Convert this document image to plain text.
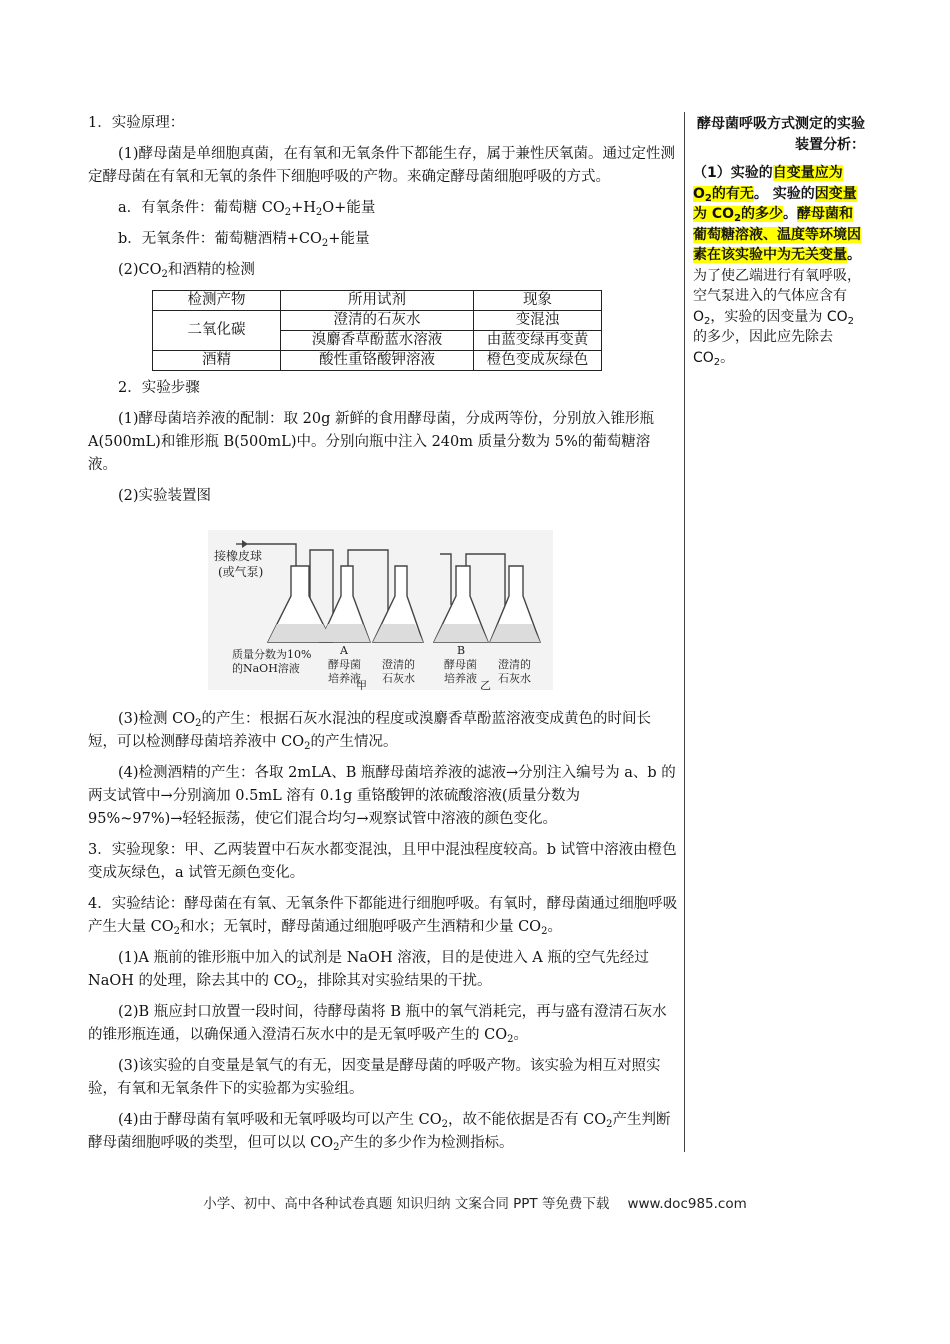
1．实验原理：

(1)酵母菌是单细胞真菌，在有氧和无氧条件下都能生存，属于兼性厌氧菌。通过定性测定酵母菌在有氧和无氧的条件下细胞呼吸的产物。来确定酵母菌细胞呼吸的方式。

a．有氧条件：葡萄糖 $CO_2+H_2O+$能量

b．无氧条件：葡萄糖酒精$+CO_2+$能量

$(2)CO_2$和酒精的检测

检测产物	所用试剂	现象
二氧化碳	澄清的石灰水	变混浊
	溴麝香草酚蓝水溶液	由蓝变绿再变黄
酒精	酸性重铬酸钾溶液	橙色变成灰绿色

2．实验步骤

(1)酵母菌培养液的配制：取 20g 新鲜的食用酵母菌，分成两等份，分别放入锥形瓶 A(500mL)和锥形瓶 B(500mL)中。分别向瓶中注入 240m 质量分数为 5%的葡萄糖溶液。

(2)实验装置图

接橡皮球
(或气泵)
A	B
质量分数为10%
的NaOH溶液	酵母菌
培养液
澄清的
石灰水
酵母菌
培养液
澄清的
石灰水
甲	乙

(3)检测 $CO_2$的产生：根据石灰水混浊的程度或溴麝香草酚蓝溶液变成黄色的时间长短，可以检测酵母菌培养液中 $CO_2$的产生情况。

(4)检测酒精的产生：各取 2mLA、B 瓶酵母菌培养液的滤液→分别注入编号为 a、b 的两支试管中→分别滴加 0.5mL 溶有 0.1g 重铬酸钾的浓硫酸溶液(质量分数为 95%~97%)→轻轻振荡，使它们混合均匀→观察试管中溶液的颜色变化。

3．实验现象：甲、乙两装置中石灰水都变混浊，且甲中混浊程度较高。b 试管中溶液由橙色变成灰绿色，a 试管无颜色变化。

4．实验结论：酵母菌在有氧、无氧条件下都能进行细胞呼吸。有氧时，酵母菌通过细胞呼吸产生大量 $CO_2$和水；无氧时，酵母菌通过细胞呼吸产生酒精和少量 $CO_2$。

(1)A 瓶前的锥形瓶中加入的试剂是 NaOH 溶液，目的是使进入 A 瓶的空气先经过 NaOH 的处理，除去其中的 $CO_2$，排除其对实验结果的干扰。

(2)B 瓶应封口放置一段时间，待酵母菌将 B 瓶中的氧气消耗完，再与盛有澄清石灰水的锥形瓶连通，以确保通入澄清石灰水中的是无氧呼吸产生的 $CO_2$。

(3)该实验的自变量是氧气的有无，因变量是酵母菌的呼吸产物。该实验为相互对照实验，有氧和无氧条件下的实验都为实验组。

(4)由于酵母菌有氧呼吸和无氧呼吸均可以产生 $CO_2$，故不能依据是否有 $CO_2$产生判断酵母菌细胞呼吸的类型，但可以以 $CO_2$产生的多少作为检测指标。

酵母菌呼吸方式测定的实验装置分析：
（1）实验的自变量应为 $O_2$的有无。 实验的因变量为 $CO_2$的多少。酵母菌和葡萄糖溶液、温度等环境因素在该实验中为无关变量。
为了使乙端进行有氧呼吸，空气泵进入的气体应含有 $O_2$，实验的因变量为 $CO_2$的多少，因此应先除去 $CO_2$。
小学、初中、高中各种试卷真题 知识归纳 文案合同 PPT 等免费下载 www.doc985.com
